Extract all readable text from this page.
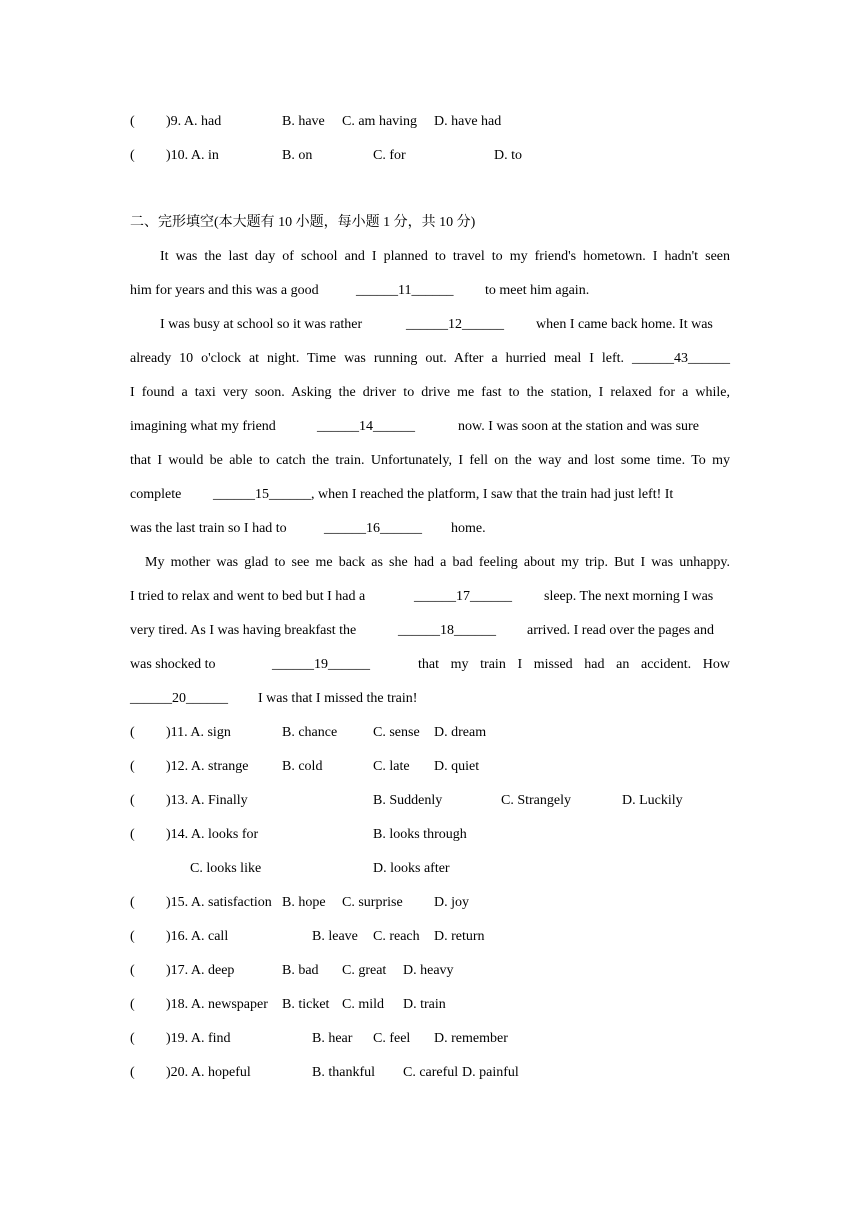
( )9. A. had	B. have C. am having D. have had
( )10. A. in	B. on	C. for	D. to
二、完形填空(本大题有 10 小题，每小题 1 分，共 10 分)
It was the last day of school and I planned to travel to my friend's hometown. I hadn't seen
him for years and this was a good	______11______ to meet him again.
I was busy at school so it was rather	______12______ when I came back home. It was
already 10 o'clock at night. Time was running out. After a hurried meal I left. ______43______
I found a taxi very soon. Asking the driver to drive me fast to the station, I relaxed for a while,
imagining what my friend	______14______	now. I was soon at the station and was sure
that I would be able to catch the train. Unfortunately, I fell on the way and lost some time. To my
complete ______15______, when I reached the platform, I saw that the train had just left! It
was the last train so I had to	______16______ home.
My mother was glad to see me back as she had a bad feeling about my trip. But I was unhappy.
I tried to relax and went to bed but I had a	______17______ sleep. The next morning I was
very tired. As I was having breakfast the	______18______ arrived. I read over the pages and
was shocked to	______19______	that my train I missed had an accident. How
______20______ I was that I missed the train!
( )11. A. sign	B. chance	C. sense D. dream
( )12. A. strange B. cold	C. late D. quiet
( )13. A. Finally	B. Suddenly	C. Strangely	D. Luckily
( )14. A. looks for	B. looks through
C. looks like	D. looks after
( )15. A. satisfaction B. hope C. surprise D. joy
( )16. A. call	B. leave C. reach D. return
( )17. A. deep	B. bad C. great D. heavy
( )18. A. newspaper B. ticket C. mild D. train
( )19. A. find	B. hear C. feel D. remember
( )20. A. hopeful	B. thankful C. careful D. painful
